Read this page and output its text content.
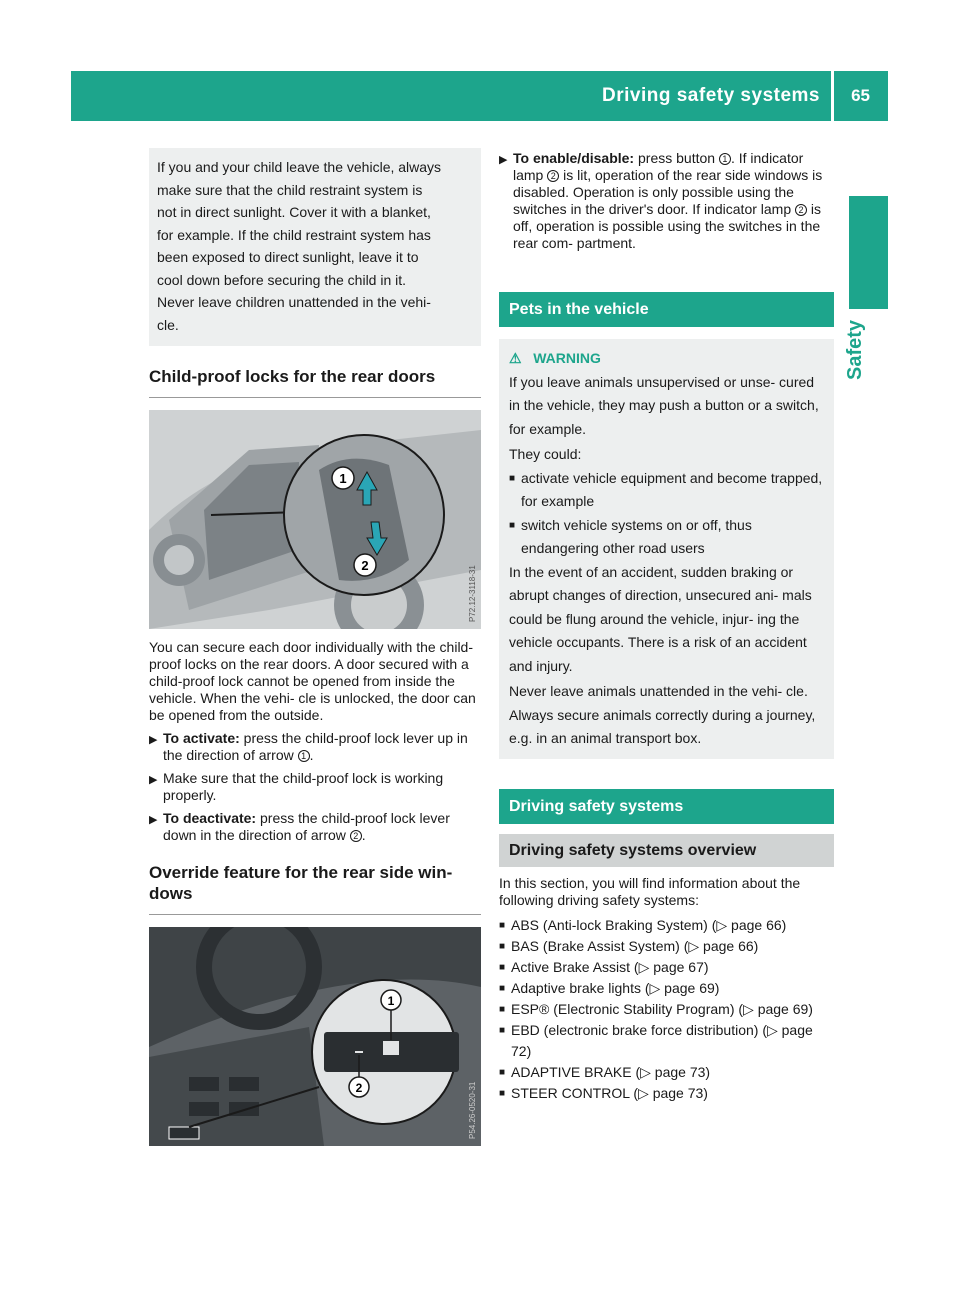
Driving safety systems 65
Safety
If you and your child leave the vehicle, always
make sure that the child restraint system is
not in direct sunlight. Cover it with a blanket,
for example. If the child restraint system has
been exposed to direct sunlight, leave it to
cool down before securing the child in it.
Never leave children unattended in the vehi-
cle.
Child-proof locks for the rear doors
1
2	P72.12-3118-31

You can secure each door individually with the child-proof locks on the rear doors. A door secured with a child-proof lock cannot be opened from inside the vehicle. When the vehi- cle is unlocked, the door can be opened from the outside.

▶ To activate: press the child-proof lock lever up in the direction of arrow 1 .
▶ Make sure that the child-proof lock is working properly.
▶ To deactivate: press the child-proof lock lever down in the direction of arrow 2 .
Override feature for the rear side win- dows
1
2	P54.26-0520-31
▶ To enable/disable: press button 1 . If indicator lamp 2 is lit, operation of the rear side windows is disabled. Operation is only possible using the switches in the driver's door. If indicator lamp 2 is off, operation is possible using the switches in the rear com- partment.
Pets in the vehicle
⚠ WARNING
If you leave animals unsupervised or unse- cured in the vehicle, they may push a button or a switch, for example.
They could:
■ activate vehicle equipment and become trapped, for example
■ switch vehicle systems on or off, thus endangering other road users
In the event of an accident, sudden braking or abrupt changes of direction, unsecured ani- mals could be flung around the vehicle, injur- ing the vehicle occupants. There is a risk of an accident and injury.
Never leave animals unattended in the vehi- cle. Always secure animals correctly during a journey, e.g. in an animal transport box.
Driving safety systems
Driving safety systems overview

In this section, you will find information about the following driving safety systems:

■ ABS (Anti-lock Braking System) (▷ page 66)
■ BAS (Brake Assist System) (▷ page 66)
■ Active Brake Assist (▷ page 67)
■ Adaptive brake lights (▷ page 69)
■ ESP® (Electronic Stability Program) (▷ page 69)
■ EBD (electronic brake force distribution) (▷ page 72)
■ ADAPTIVE BRAKE (▷ page 73)
■ STEER CONTROL (▷ page 73)
